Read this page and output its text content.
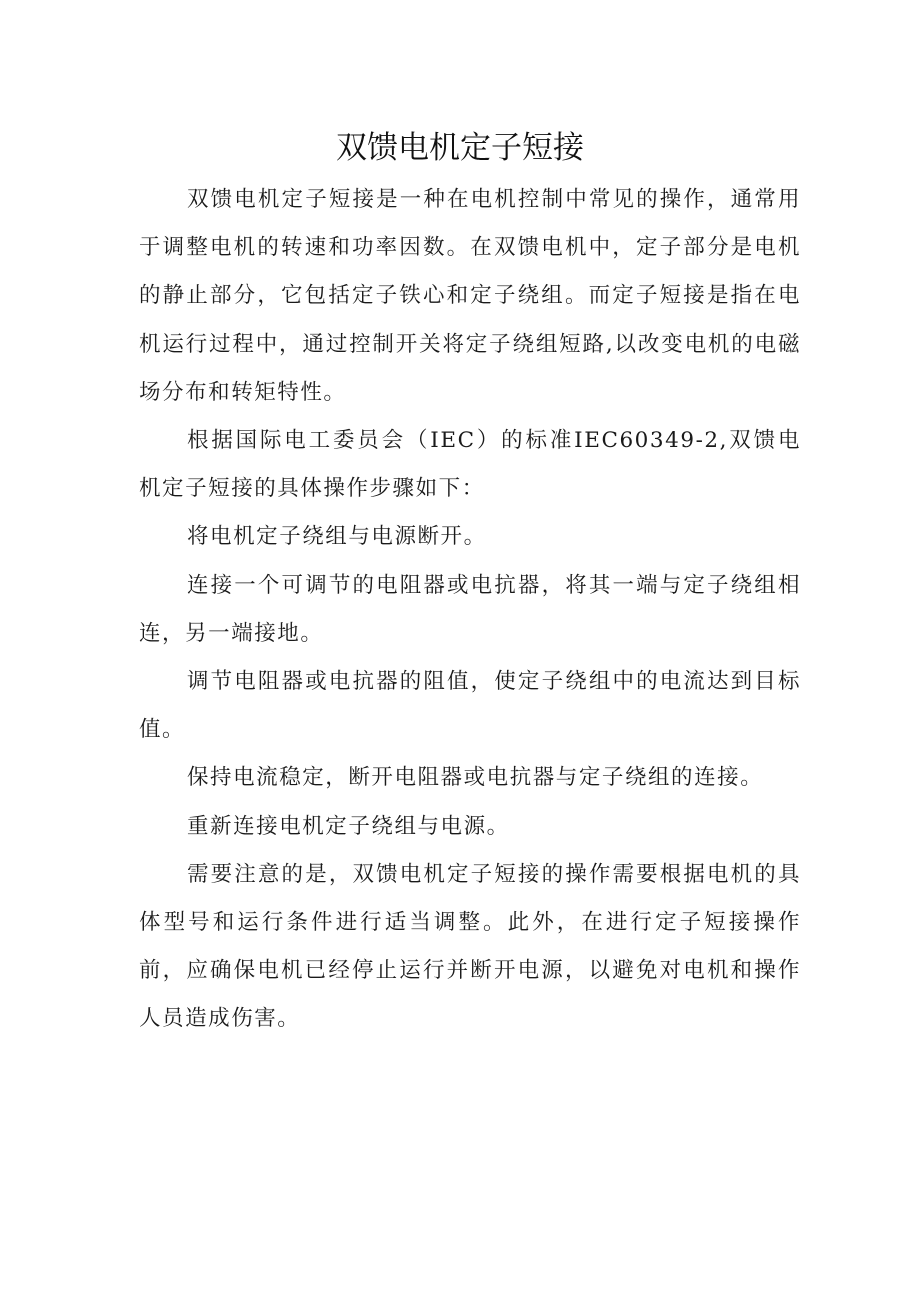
双馈电机定子短接

双馈电机定子短接是一种在电机控制中常见的操作，通常用于调整电机的转速和功率因数。在双馈电机中，定子部分是电机的静止部分，它包括定子铁心和定子绕组。而定子短接是指在电机运行过程中，通过控制开关将定子绕组短路,以改变电机的电磁场分布和转矩特性。

根据国际电工委员会（IEC）的标准IEC60349-2,双馈电机定子短接的具体操作步骤如下：

将电机定子绕组与电源断开。

连接一个可调节的电阻器或电抗器，将其一端与定子绕组相连，另一端接地。

调节电阻器或电抗器的阻值，使定子绕组中的电流达到目标值。

保持电流稳定，断开电阻器或电抗器与定子绕组的连接。

重新连接电机定子绕组与电源。

需要注意的是，双馈电机定子短接的操作需要根据电机的具体型号和运行条件进行适当调整。此外，在进行定子短接操作前，应确保电机已经停止运行并断开电源，以避免对电机和操作人员造成伤害。
